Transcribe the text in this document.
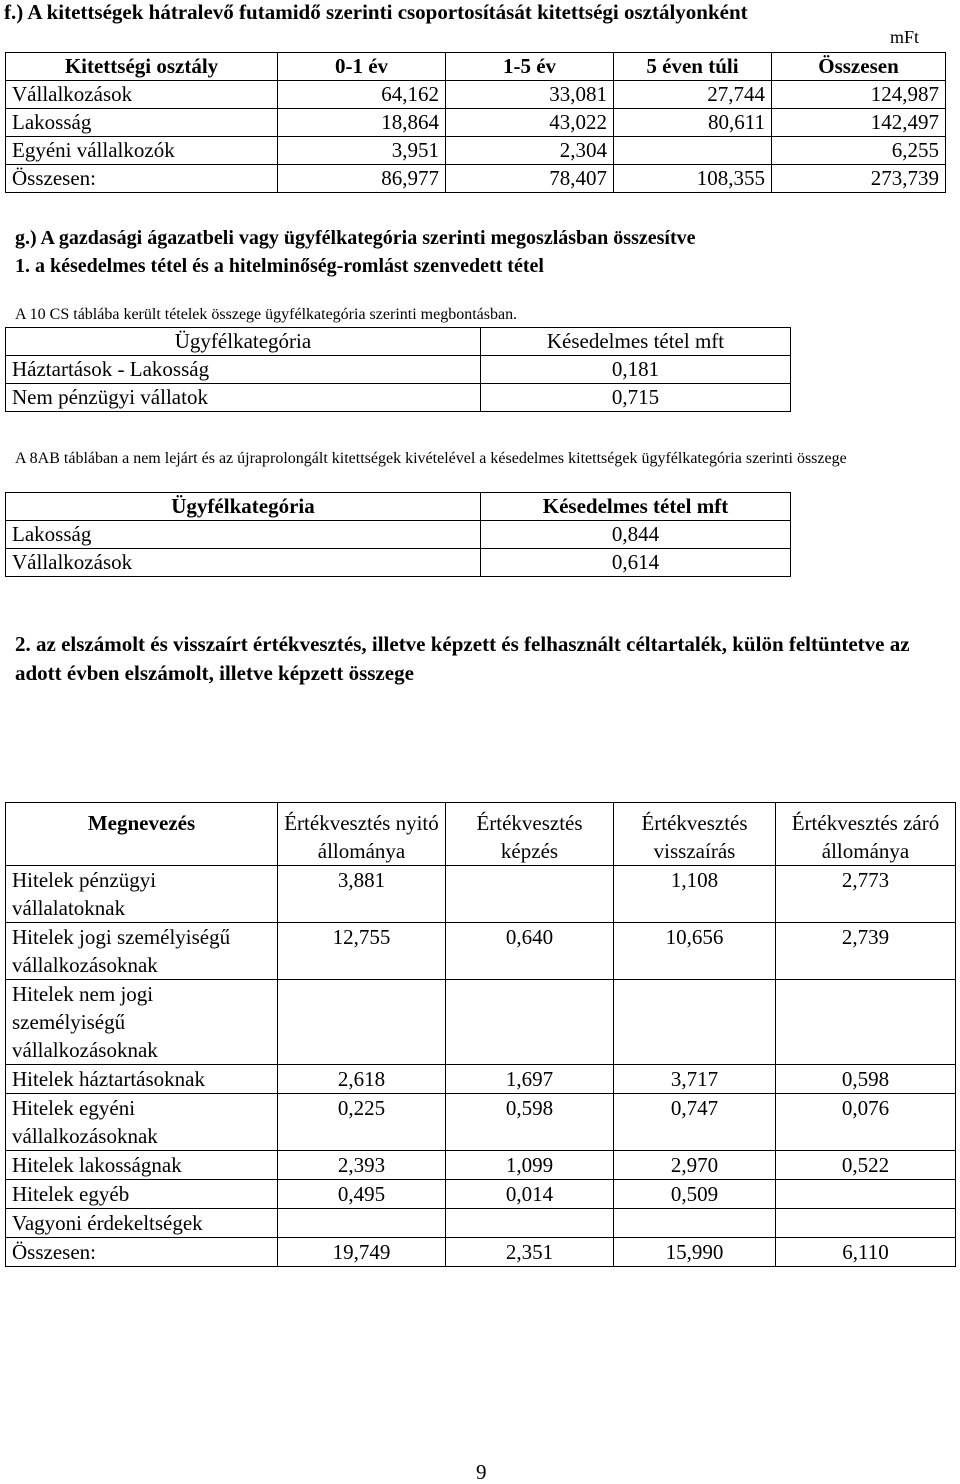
f.) A kitettségek hátralevő futamidő szerinti csoportosítását kitettségi osztályonként
mFt
Kitettségi osztály	0-1 év	1-5 év	5 éven túli	Összesen
Vállalkozások	64,162	33,081	27,744	124,987
Lakosság	18,864	43,022	80,611	142,497
Egyéni vállalkozók	3,951	2,304		6,255
Összesen:	86,977	78,407	108,355	273,739
g.) A gazdasági ágazatbeli vagy ügyfélkategória szerinti megoszlásban összesítve
1. a késedelmes tétel és a hitelminőség-romlást szenvedett tétel
A 10 CS táblába került tételek összege ügyfélkategória szerinti megbontásban.
Ügyfélkategória	Késedelmes tétel mft
Háztartások - Lakosság	0,181
Nem pénzügyi vállatok	0,715
A 8AB táblában a nem lejárt és az újraprolongált kitettségek kivételével a késedelmes kitettségek ügyfélkategória szerinti összege
Ügyfélkategória	Késedelmes tétel mft
Lakosság	0,844
Vállalkozások	0,614
2. az elszámolt és visszaírt értékvesztés, illetve képzett és felhasznált céltartalék, külön feltüntetve az adott évben elszámolt, illetve képzett összege
Megnevezés	Értékvesztés nyitó állománya	Értékvesztés képzés	Értékvesztés visszaírás	Értékvesztés záró állománya
Hitelek pénzügyi vállalatoknak	3,881		1,108	2,773
Hitelek jogi személyiségű vállalkozásoknak	12,755	0,640	10,656	2,739
Hitelek nem jogi személyiségű vállalkozásoknak				
Hitelek háztartásoknak	2,618	1,697	3,717	0,598
Hitelek egyéni vállalkozásoknak	0,225	0,598	0,747	0,076
Hitelek lakosságnak	2,393	1,099	2,970	0,522
Hitelek egyéb	0,495	0,014	0,509	
Vagyoni érdekeltségek				
Összesen:	19,749	2,351	15,990	6,110
9
